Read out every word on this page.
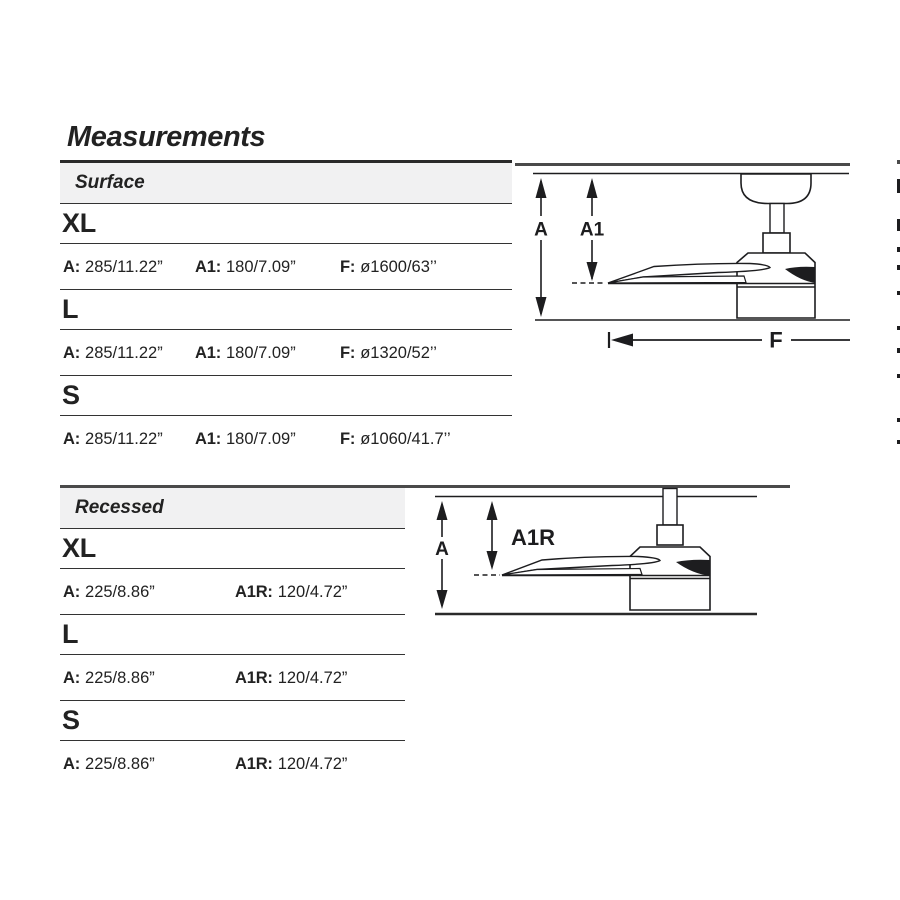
Measurements
Surface
XL
A: 285/11.22” A1: 180/7.09”	F: ø1600/63’’
L
A: 285/11.22” A1: 180/7.09”	F: ø1320/52’’
S
A: 285/11.22” A1: 180/7.09”	F: ø1060/41.7’’
Recessed
XL
A: 225/8.86”	A1R: 120/4.72”
L
A: 225/8.86”	A1R: 120/4.72”
S
A: 225/8.86”	A1R: 120/4.72”
A A1
F
A	A1R
